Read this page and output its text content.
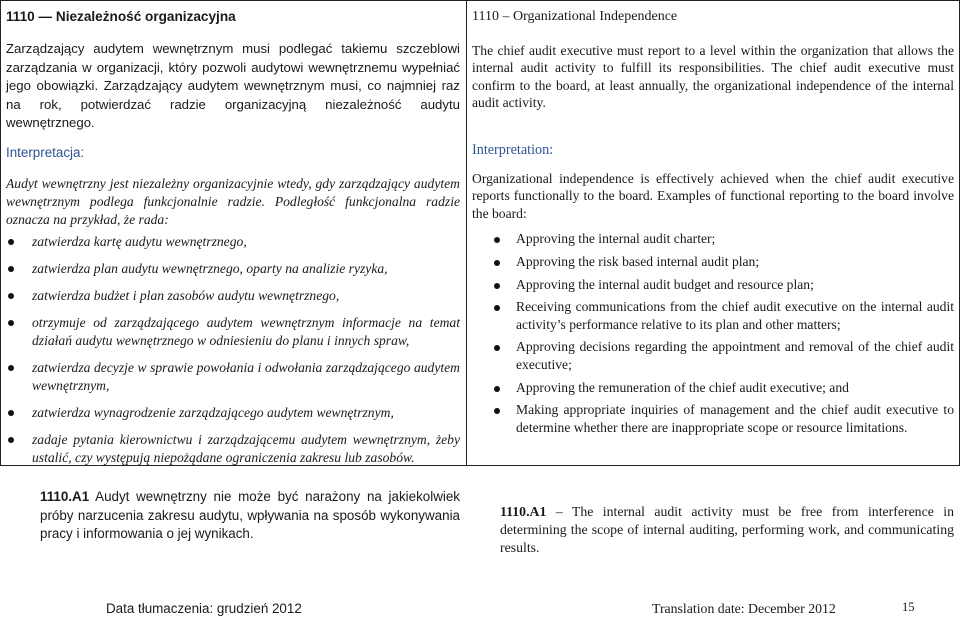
1110 — Niezależność organizacyjna

Zarządzający audytem wewnętrznym musi podlegać takiemu szczeblowi zarządzania w organizacji, który pozwoli audytowi wewnętrznemu wypełniać jego obowiązki. Zarządzający audytem wewnętrznym musi, co najmniej raz na rok, potwierdzać radzie organizacyjną niezależność audytu wewnętrznego.

Interpretacja:

Audyt wewnętrzny jest niezależny organizacyjnie wtedy, gdy zarządzający audytem wewnętrznym podlega funkcjonalnie radzie. Podległość funkcjonalna radzie oznacza na przykład, że rada:

zatwierdza kartę audytu wewnętrznego,
zatwierdza plan audytu wewnętrznego, oparty na analizie ryzyka,
zatwierdza budżet i plan zasobów audytu wewnętrznego,
otrzymuje od zarządzającego audytem wewnętrznym informacje na temat działań audytu wewnętrznego w odniesieniu do planu i innych spraw,
zatwierdza decyzje w sprawie powołania i odwołania zarządzającego audytem wewnętrznym,
zatwierdza wynagrodzenie zarządzającego audytem wewnętrznym,
zadaje pytania kierownictwu i zarządzającemu audytem wewnętrznym, żeby ustalić, czy występują niepożądane ograniczenia zakresu lub zasobów.
1110 – Organizational Independence

The chief audit executive must report to a level within the organization that allows the internal audit activity to fulfill its responsibilities. The chief audit executive must confirm to the board, at least annually, the organizational independence of the internal audit activity.

Interpretation:

Organizational independence is effectively achieved when the chief audit executive reports functionally to the board. Examples of functional reporting to the board involve the board:

Approving the internal audit charter;
Approving the risk based internal audit plan;
Approving the internal audit budget and resource plan;
Receiving communications from the chief audit executive on the internal audit activity’s performance relative to its plan and other matters;
Approving decisions regarding the appointment and removal of the chief audit executive;
Approving the remuneration of the chief audit executive; and
Making appropriate inquiries of management and the chief audit executive to determine whether there are inappropriate scope or resource limitations.

1110.A1 Audyt wewnętrzny nie może być narażony na jakiekolwiek próby narzucenia zakresu audytu, wpływania na sposób wykonywania pracy i informowania o jej wynikach.

1110.A1 – The internal audit activity must be free from interference in determining the scope of internal auditing, performing work, and communicating results.

Data tłumaczenia: grudzień 2012	Translation date: December 2012	15
